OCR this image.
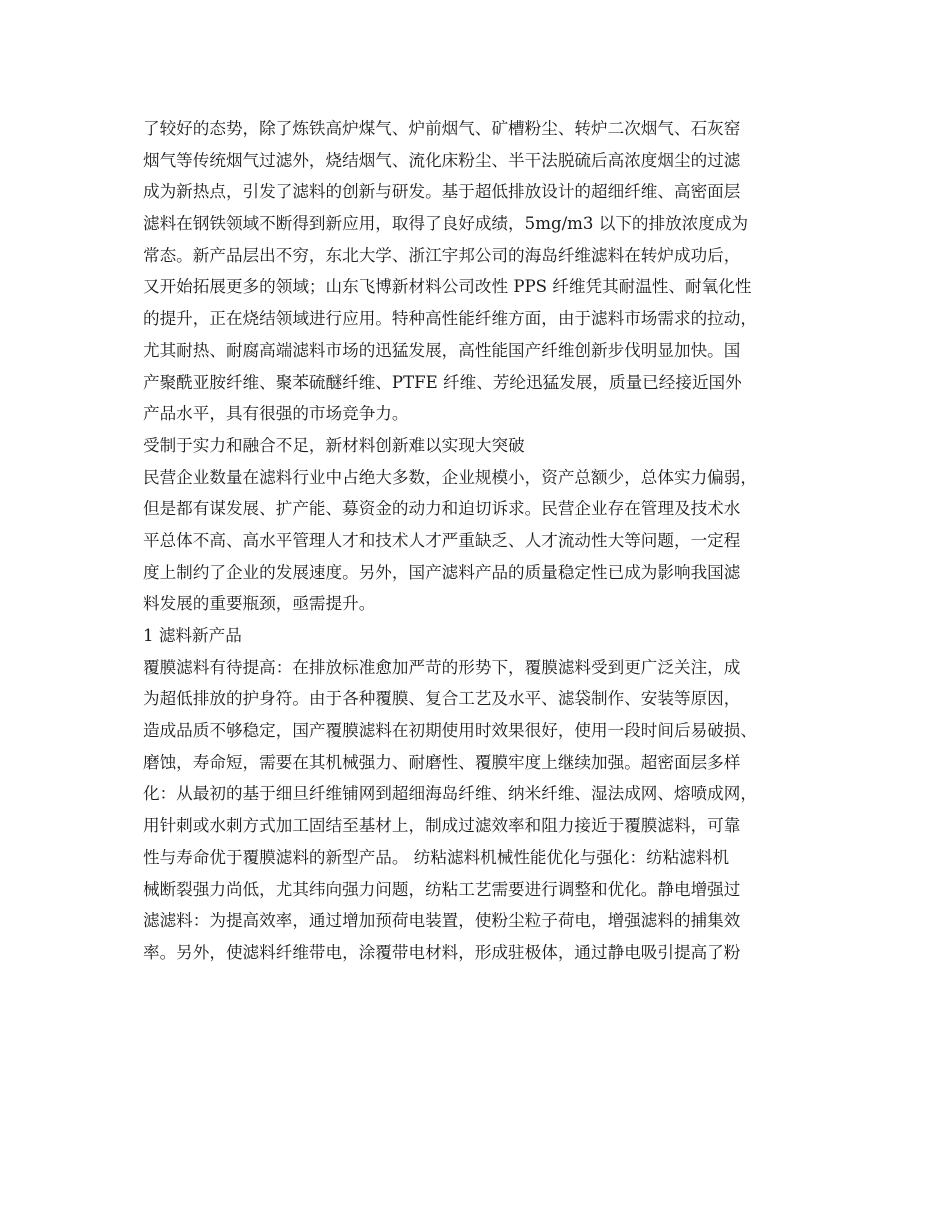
了较好的态势，除了炼铁高炉煤气、炉前烟气、矿槽粉尘、转炉二次烟气、石灰窑
烟气等传统烟气过滤外，烧结烟气、流化床粉尘、半干法脱硫后高浓度烟尘的过滤
成为新热点，引发了滤料的创新与研发。基于超低排放设计的超细纤维、高密面层
滤料在钢铁领域不断得到新应用，取得了良好成绩，5mg/m3 以下的排放浓度成为
常态。新产品层出不穷，东北大学、浙江宇邦公司的海岛纤维滤料在转炉成功后，
又开始拓展更多的领域；山东飞博新材料公司改性 PPS 纤维凭其耐温性、耐氧化性
的提升，正在烧结领域进行应用。特种高性能纤维方面，由于滤料市场需求的拉动，
尤其耐热、耐腐高端滤料市场的迅猛发展，高性能国产纤维创新步伐明显加快。国
产聚酰亚胺纤维、聚苯硫醚纤维、PTFE 纤维、芳纶迅猛发展，质量已经接近国外
产品水平，具有很强的市场竞争力。
受制于实力和融合不足，新材料创新难以实现大突破
民营企业数量在滤料行业中占绝大多数，企业规模小，资产总额少，总体实力偏弱，
但是都有谋发展、扩产能、募资金的动力和迫切诉求。民营企业存在管理及技术水
平总体不高、高水平管理人才和技术人才严重缺乏、人才流动性大等问题，一定程
度上制约了企业的发展速度。另外，国产滤料产品的质量稳定性已成为影响我国滤
料发展的重要瓶颈，亟需提升。
1 滤料新产品
覆膜滤料有待提高：在排放标准愈加严苛的形势下，覆膜滤料受到更广泛关注，成
为超低排放的护身符。由于各种覆膜、复合工艺及水平、滤袋制作、安装等原因，
造成品质不够稳定，国产覆膜滤料在初期使用时效果很好，使用一段时间后易破损、
磨蚀，寿命短，需要在其机械强力、耐磨性、覆膜牢度上继续加强。超密面层多样
化：从最初的基于细旦纤维铺网到超细海岛纤维、纳米纤维、湿法成网、熔喷成网，
用针刺或水刺方式加工固结至基材上，制成过滤效率和阻力接近于覆膜滤料，可靠
性与寿命优于覆膜滤料的新型产品。 纺粘滤料机械性能优化与强化：纺粘滤料机
械断裂强力尚低，尤其纬向强力问题，纺粘工艺需要进行调整和优化。静电增强过
滤滤料：为提高效率，通过增加预荷电装置，使粉尘粒子荷电，增强滤料的捕集效
率。另外，使滤料纤维带电，涂覆带电材料，形成驻极体，通过静电吸引提高了粉
